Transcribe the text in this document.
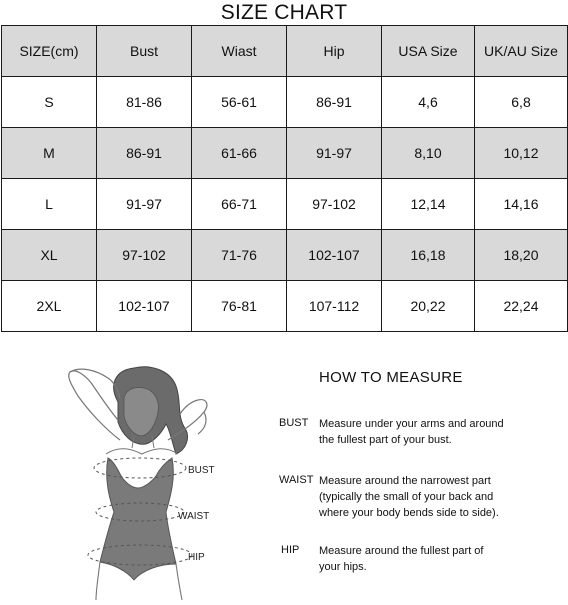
SIZE CHART
SIZE(cm)	Bust	Wiast	Hip	USA Size	UK/AU Size
S	81-86	56-61	86-91	4,6	6,8
M	86-91	61-66	91-97	8,10	10,12
L	91-97	66-71	97-102	12,14	14,16
XL	97-102	71-76	102-107	16,18	18,20
2XL	102-107	76-81	107-112	20,22	22,24
BUST
WAIST
HIP
HOW TO MEASURE
BUST Measure under your arms and around
the fullest part of your bust.
WAIST Measure around the narrowest part
(typically the small of your back and
where your body bends side to side).
HIP Measure around the fullest part of
your hips.
